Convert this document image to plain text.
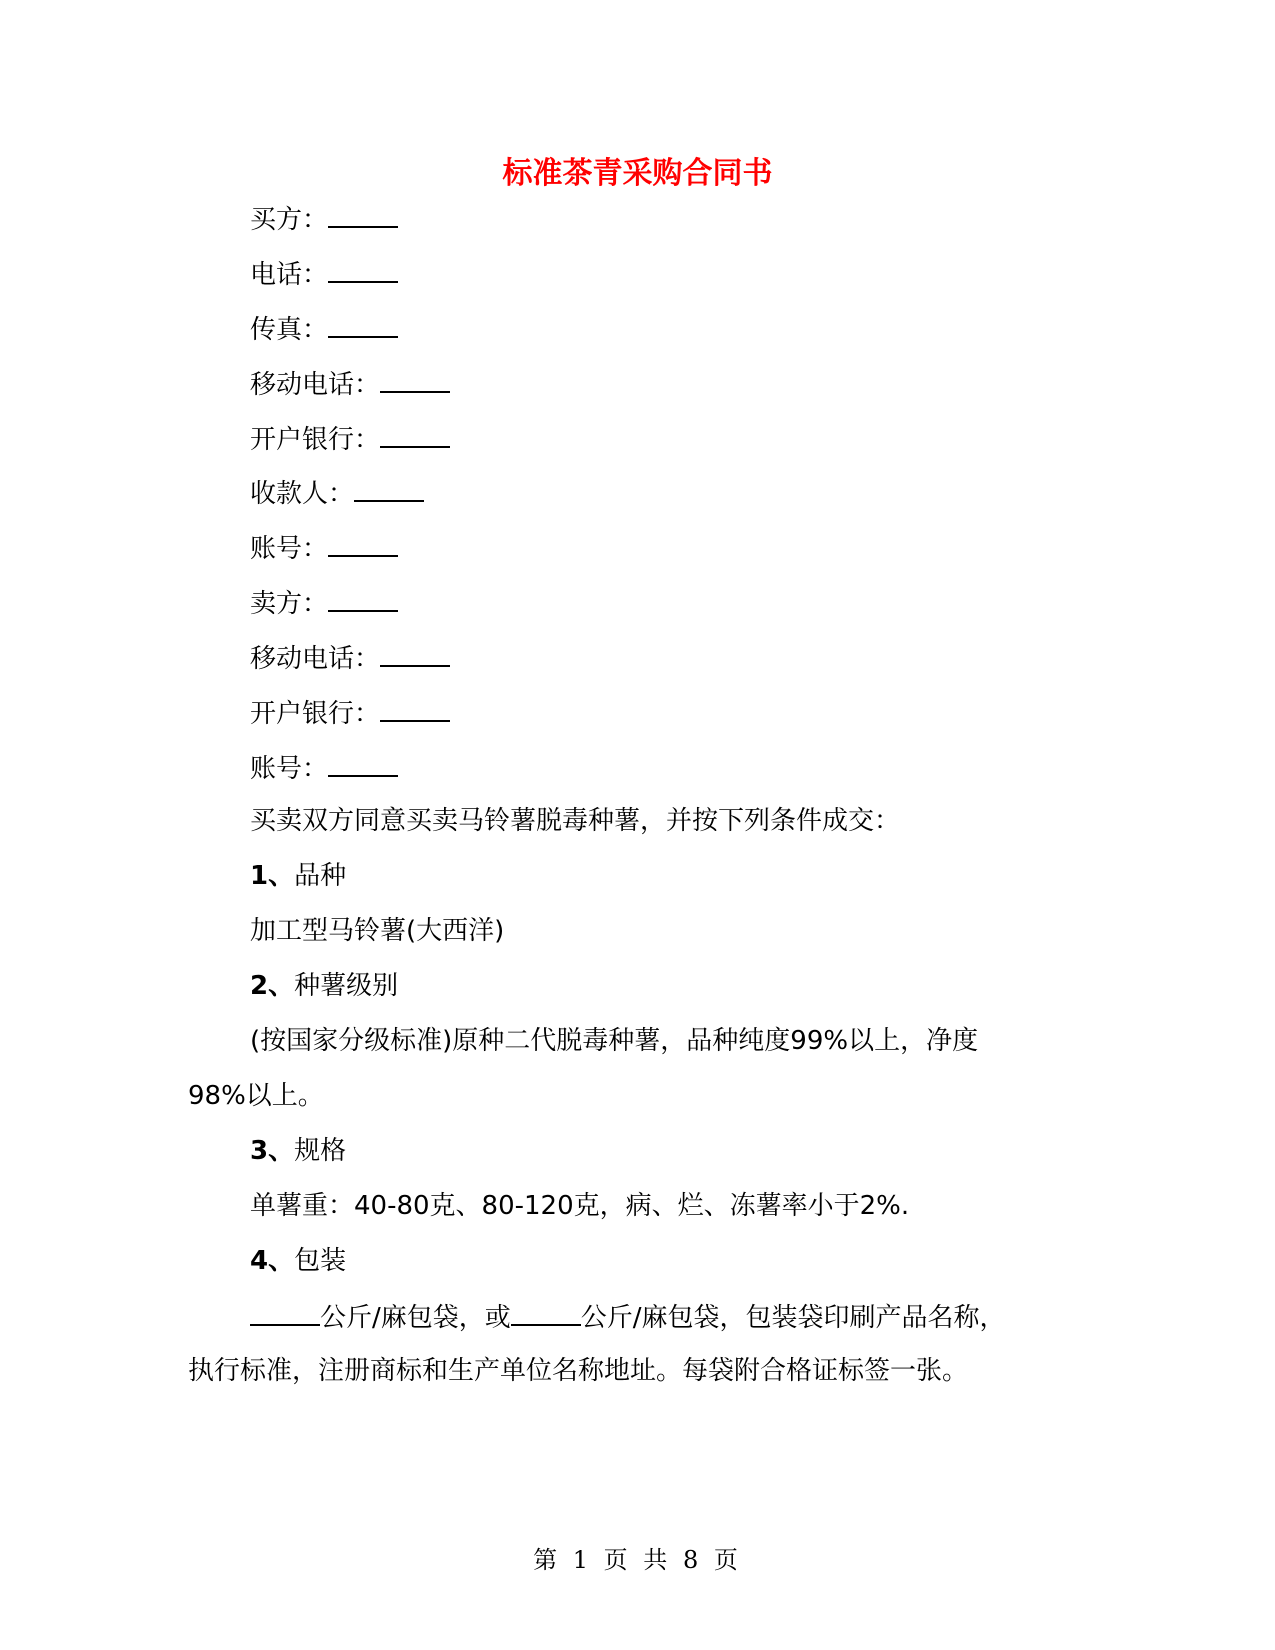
标准茶青采购合同书
买方：
电话：
传真：
移动电话：
开户银行：
收款人：
账号：
卖方：
移动电话：
开户银行：
账号：
买卖双方同意买卖马铃薯脱毒种薯，并按下列条件成交：
1、品种
加工型马铃薯(大西洋)
2、种薯级别
(按国家分级标准)原种二代脱毒种薯，品种纯度99%以上，净度
98%以上。
3、规格
单薯重：40-80克、80-120克，病、烂、冻薯率小于2%.
4、包装
公斤/麻包袋，或	公斤/麻包袋，包装袋印刷产品名称，
执行标准，注册商标和生产单位名称地址。每袋附合格证标签一张。
第 1 页 共 8 页
